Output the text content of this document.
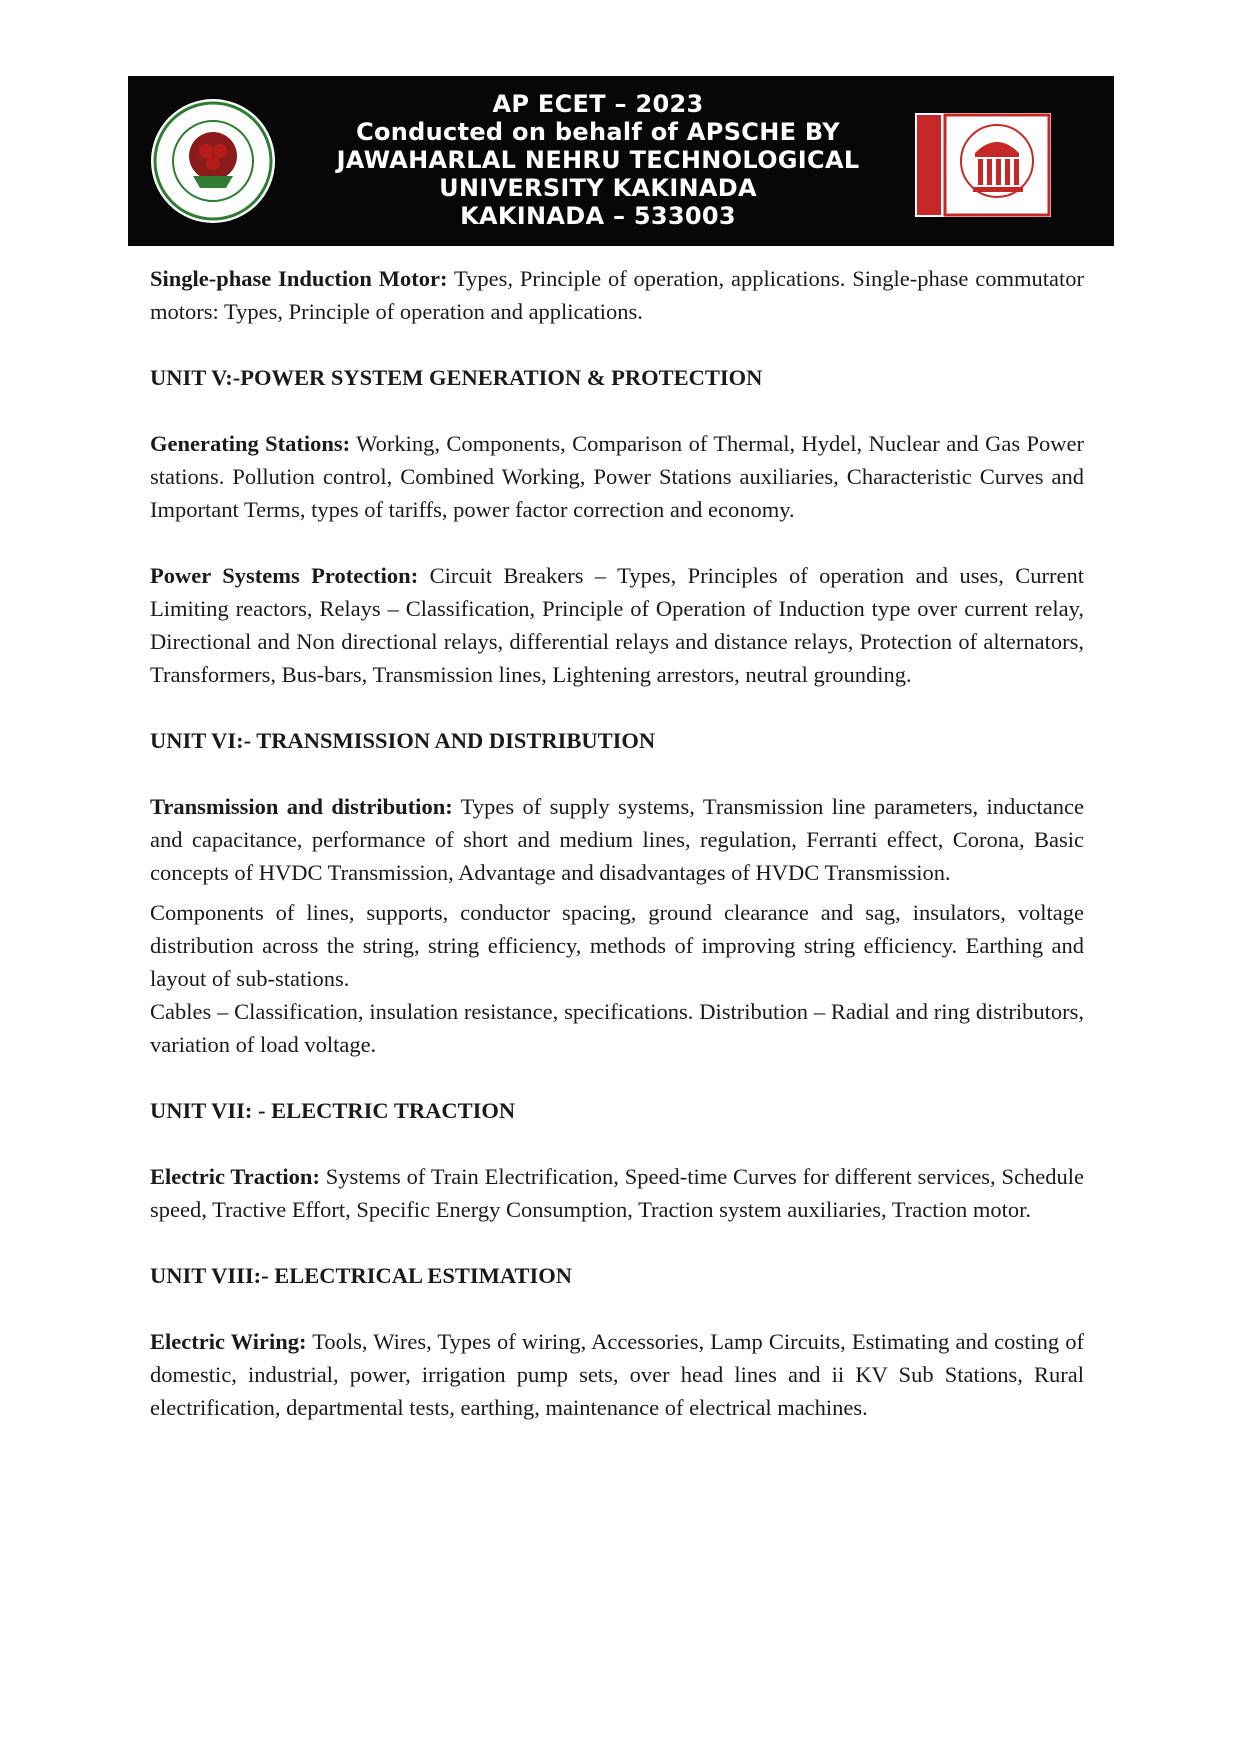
AP ECET – 2023
Conducted on behalf of APSCHE BY
JAWAHARLAL NEHRU TECHNOLOGICAL
UNIVERSITY KAKINADA
KAKINADA – 533003

Single-phase Induction Motor: Types, Principle of operation, applications. Single-phase commutator motors: Types, Principle of operation and applications.

UNIT V:-POWER SYSTEM GENERATION & PROTECTION

Generating Stations: Working, Components, Comparison of Thermal, Hydel, Nuclear and Gas Power stations. Pollution control, Combined Working, Power Stations auxiliaries, Characteristic Curves and Important Terms, types of tariffs, power factor correction and economy.

Power Systems Protection: Circuit Breakers – Types, Principles of operation and uses, Current Limiting reactors, Relays – Classification, Principle of Operation of Induction type over current relay, Directional and Non directional relays, differential relays and distance relays, Protection of alternators, Transformers, Bus-bars, Transmission lines, Lightening arrestors, neutral grounding.

UNIT VI:- TRANSMISSION AND DISTRIBUTION

Transmission and distribution: Types of supply systems, Transmission line parameters, inductance and capacitance, performance of short and medium lines, regulation, Ferranti effect, Corona, Basic concepts of HVDC Transmission, Advantage and disadvantages of HVDC Transmission.

Components of lines, supports, conductor spacing, ground clearance and sag, insulators, voltage distribution across the string, string efficiency, methods of improving string efficiency. Earthing and layout of sub-stations.

Cables – Classification, insulation resistance, specifications. Distribution – Radial and ring distributors, variation of load voltage.

UNIT VII: - ELECTRIC TRACTION

Electric Traction: Systems of Train Electrification, Speed-time Curves for different services, Schedule speed, Tractive Effort, Specific Energy Consumption, Traction system auxiliaries, Traction motor.

UNIT VIII:- ELECTRICAL ESTIMATION

Electric Wiring: Tools, Wires, Types of wiring, Accessories, Lamp Circuits, Estimating and costing of domestic, industrial, power, irrigation pump sets, over head lines and ii KV Sub Stations, Rural electrification, departmental tests, earthing, maintenance of electrical machines.
